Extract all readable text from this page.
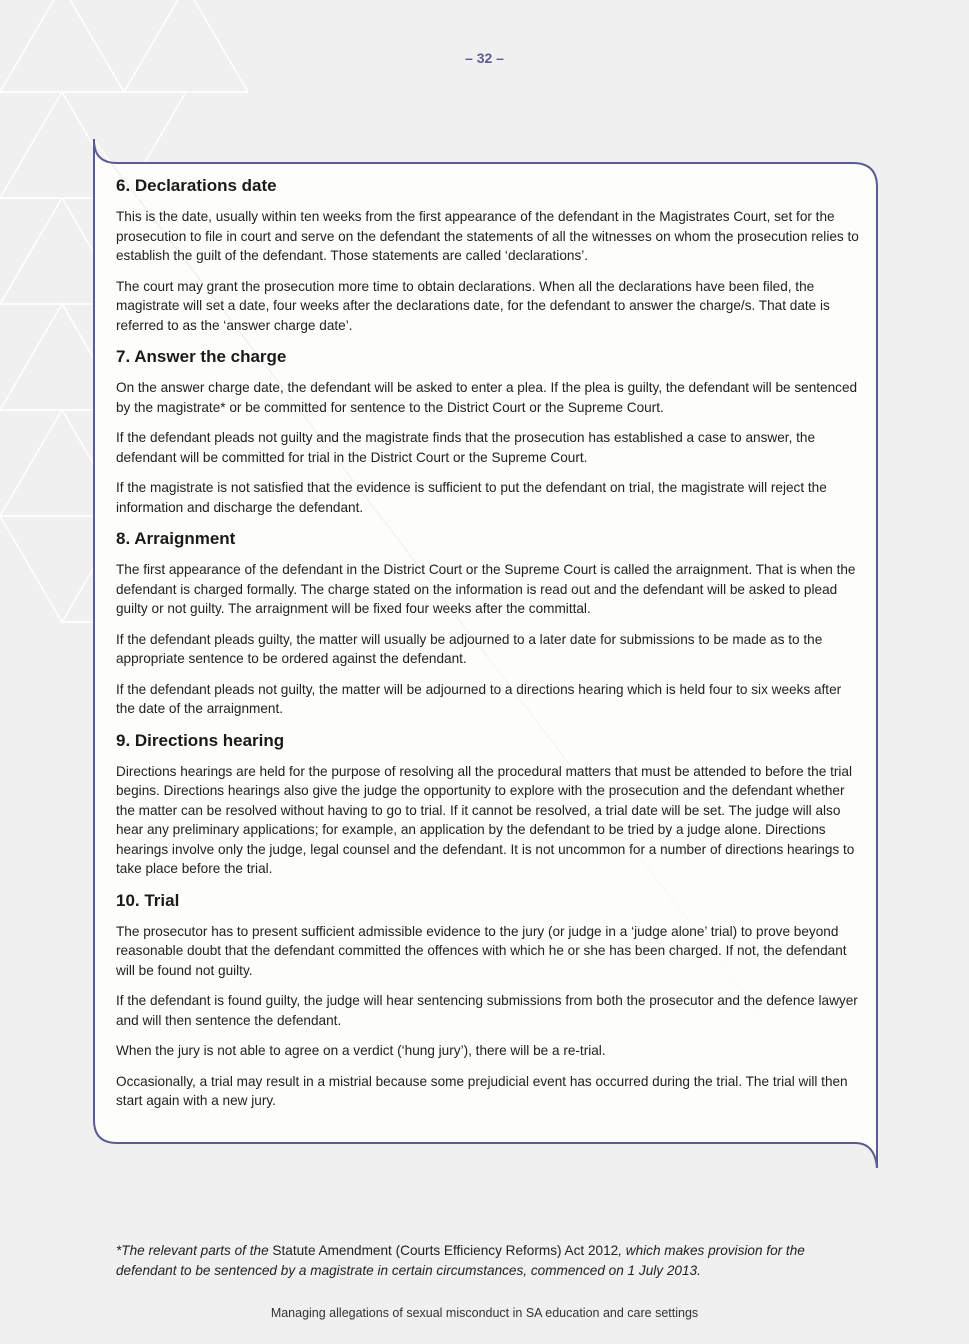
– 32 –
6. Declarations date

This is the date, usually within ten weeks from the first appearance of the defendant in the Magistrates Court, set for the prosecution to file in court and serve on the defendant the statements of all the witnesses on whom the prosecution relies to establish the guilt of the defendant. Those statements are called ‘declarations’.

The court may grant the prosecution more time to obtain declarations. When all the declarations have been filed, the magistrate will set a date, four weeks after the declarations date, for the defendant to answer the charge/s. That date is referred to as the ‘answer charge date’.

7. Answer the charge

On the answer charge date, the defendant will be asked to enter a plea. If the plea is guilty, the defendant will be sentenced by the magistrate* or be committed for sentence to the District Court or the Supreme Court.

If the defendant pleads not guilty and the magistrate finds that the prosecution has established a case to answer, the defendant will be committed for trial in the District Court or the Supreme Court.

If the magistrate is not satisfied that the evidence is sufficient to put the defendant on trial, the magistrate will reject the information and discharge the defendant.

8. Arraignment

The first appearance of the defendant in the District Court or the Supreme Court is called the arraignment. That is when the defendant is charged formally. The charge stated on the information is read out and the defendant will be asked to plead guilty or not guilty. The arraignment will be fixed four weeks after the committal.

If the defendant pleads guilty, the matter will usually be adjourned to a later date for submissions to be made as to the appropriate sentence to be ordered against the defendant.

If the defendant pleads not guilty, the matter will be adjourned to a directions hearing which is held four to six weeks after the date of the arraignment.

9. Directions hearing

Directions hearings are held for the purpose of resolving all the procedural matters that must be attended to before the trial begins. Directions hearings also give the judge the opportunity to explore with the prosecution and the defendant whether the matter can be resolved without having to go to trial. If it cannot be resolved, a trial date will be set. The judge will also hear any preliminary applications; for example, an application by the defendant to be tried by a judge alone. Directions hearings involve only the judge, legal counsel and the defendant. It is not uncommon for a number of directions hearings to take place before the trial.

10. Trial

The prosecutor has to present sufficient admissible evidence to the jury (or judge in a ‘judge alone’ trial) to prove beyond reasonable doubt that the defendant committed the offences with which he or she has been charged. If not, the defendant will be found not guilty.

If the defendant is found guilty, the judge will hear sentencing submissions from both the prosecutor and the defence lawyer and will then sentence the defendant.

When the jury is not able to agree on a verdict (‘hung jury’), there will be a re-trial.

Occasionally, a trial may result in a mistrial because some prejudicial event has occurred during the trial. The trial will then start again with a new jury.

*The relevant parts of the Statute Amendment (Courts Efficiency Reforms) Act 2012, which makes provision for the defendant to be sentenced by a magistrate in certain circumstances, commenced on 1 July 2013.
Managing allegations of sexual misconduct in SA education and care settings
